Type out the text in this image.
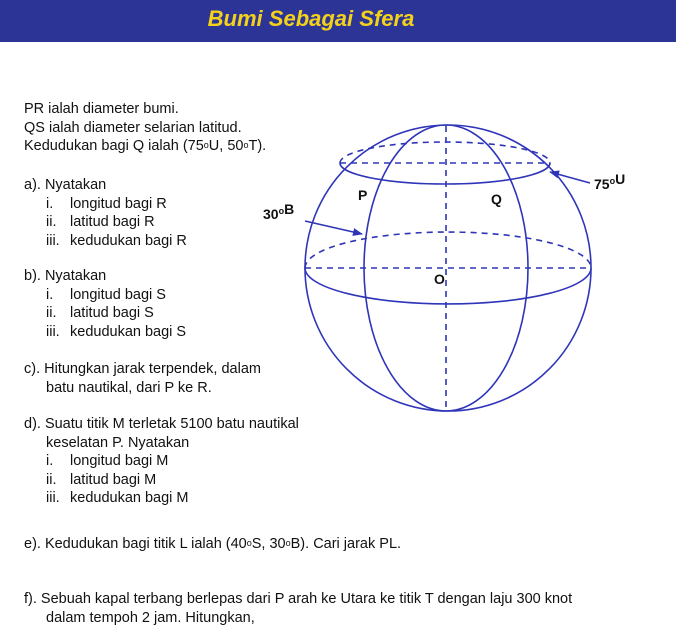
Bumi Sebagai Sfera
PR ialah diameter bumi.
QS ialah diameter selarian latitud.
Kedudukan bagi Q ialah (75$^o$U, 50$^o$T).
a). Nyatakan
i. longitud bagi R
ii. latitud bagi R
iii. kedudukan bagi R
b). Nyatakan
i. longitud bagi S
ii. latitud bagi S
iii. kedudukan bagi S
c). Hitungkan jarak terpendek, dalam
batu nautikal, dari P ke R.
d). Suatu titik M terletak 5100 batu nautikal
keselatan P. Nyatakan
i. longitud bagi M
ii. latitud bagi M
iii. kedudukan bagi M
e). Kedudukan bagi titik L ialah (40$^o$S, 30$^o$B). Cari jarak PL.
f). Sebuah kapal terbang berlepas dari P arah ke Utara ke titik T dengan laju 300 knot
dalam tempoh 2 jam. Hitungkan,
P	Q
O
75$^o$U
30$^o$B
